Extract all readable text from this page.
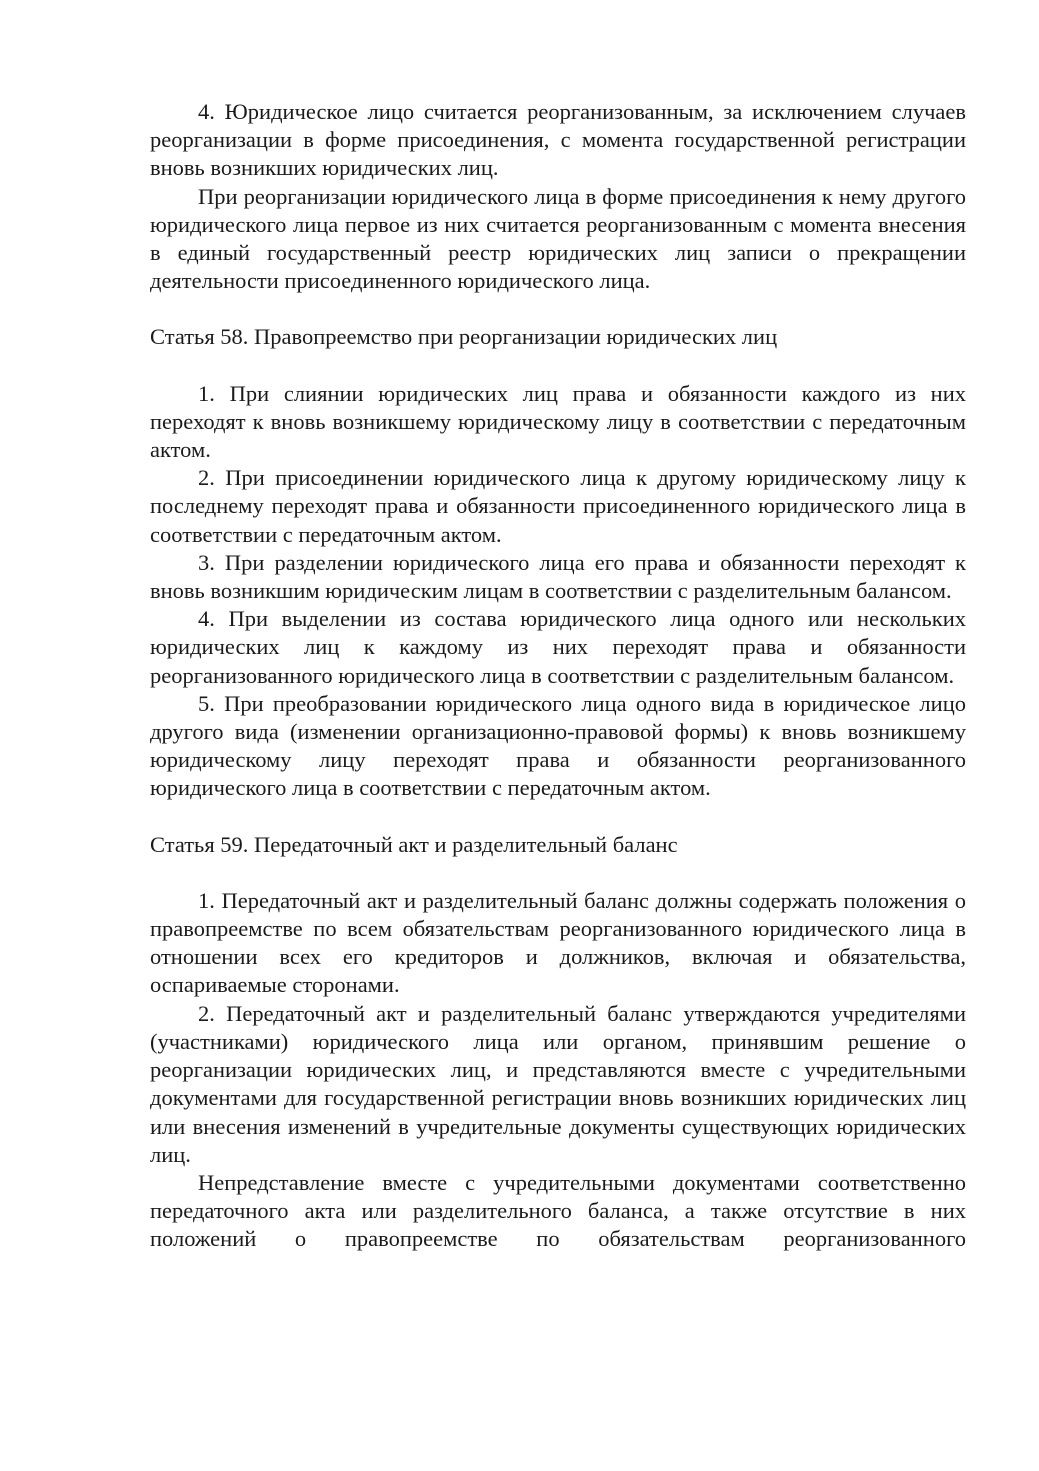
4. Юридическое лицо считается реорганизованным, за исключением случаев реорганизации в форме присоединения, с момента государственной регистрации вновь возникших юридических лиц.

При реорганизации юридического лица в форме присоединения к нему другого юридического лица первое из них считается реорганизованным с момента внесения в единый государственный реестр юридических лиц записи о прекращении деятельности присоединенного юридического лица.

Статья 58. Правопреемство при реорганизации юридических лиц

1. При слиянии юридических лиц права и обязанности каждого из них переходят к вновь возникшему юридическому лицу в соответствии с передаточным актом.

2. При присоединении юридического лица к другому юридическому лицу к последнему переходят права и обязанности присоединенного юридического лица в соответствии с передаточным актом.

3. При разделении юридического лица его права и обязанности переходят к вновь возникшим юридическим лицам в соответствии с разделительным балансом.

4. При выделении из состава юридического лица одного или нескольких юридических лиц к каждому из них переходят права и обязанности реорганизованного юридического лица в соответствии с разделительным балансом.

5. При преобразовании юридического лица одного вида в юридическое лицо другого вида (изменении организационно-правовой формы) к вновь возникшему юридическому лицу переходят права и обязанности реорганизованного юридического лица в соответствии с передаточным актом.

Статья 59. Передаточный акт и разделительный баланс

1. Передаточный акт и разделительный баланс должны содержать положения о правопреемстве по всем обязательствам реорганизованного юридического лица в отношении всех его кредиторов и должников, включая и обязательства, оспариваемые сторонами.

2. Передаточный акт и разделительный баланс утверждаются учредителями (участниками) юридического лица или органом, принявшим решение о реорганизации юридических лиц, и представляются вместе с учредительными документами для государственной регистрации вновь возникших юридических лиц или внесения изменений в учредительные документы существующих юридических лиц.

Непредставление вместе с учредительными документами соответственно передаточного акта или разделительного баланса, а также отсутствие в них положений о правопреемстве по обязательствам реорганизованного
